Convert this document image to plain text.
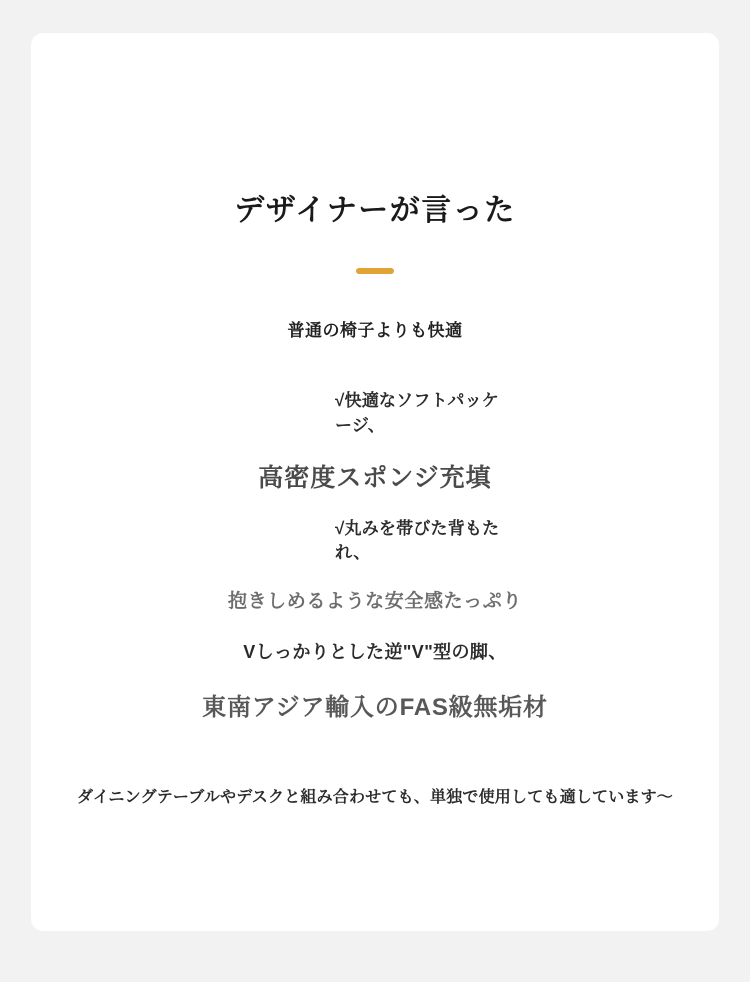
デザイナーが言った

普通の椅子よりも快適

√快適なソフトパッケージ、
高密度スポンジ充填
√丸みを帯びた背もたれ、
抱きしめるような安全感たっぷり
Vしっかりとした逆"V"型の脚、
東南アジア輸入のFAS級無垢材
ダイニングテーブルやデスクと組み合わせても、単独で使用しても適しています〜
